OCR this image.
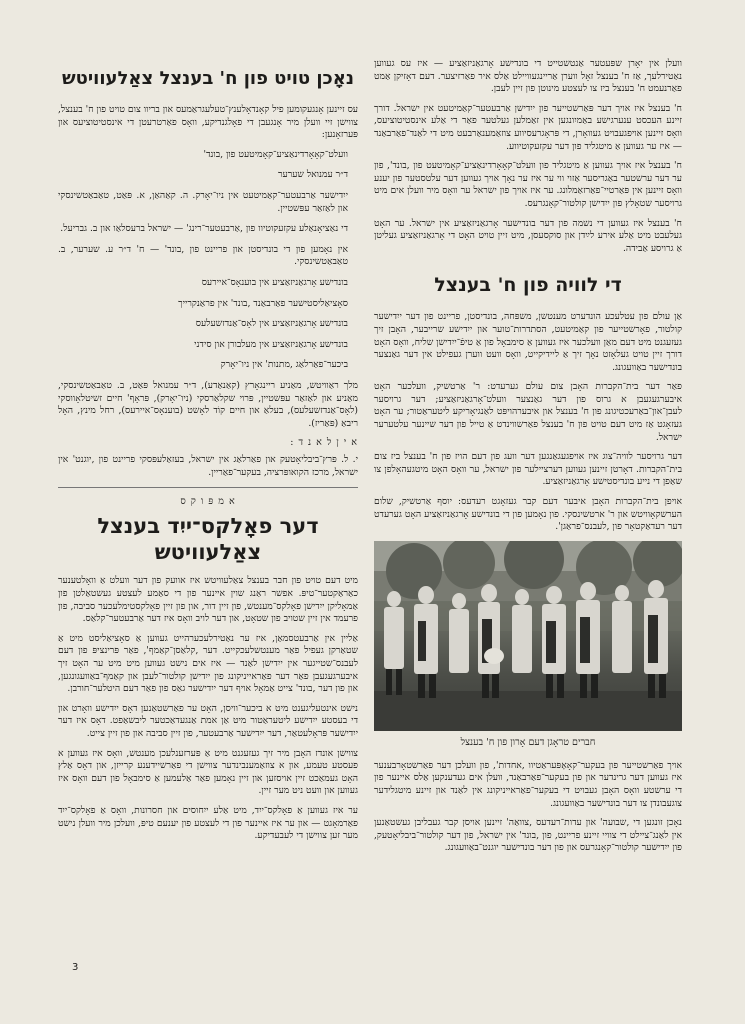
וועלן אין יאָרן שפּעטער אַנטשטייט די בונדישע אָרגאַניזאַציע — איז עס געווען נאַטירלעך, אַז ח' בענצל זאָל ווערן אַריינגעוויילט אַלס איר פאַרזיצער. דעם דאָזיקן אַמט פאַרנעמט ח' בענצל ביז צו לעצטע מינוטן פון זיין לעבן.

ח' בענצל איז אויך דער פּאַרשטייער פון ייִדישן אַרבעטער־קאַמיטעט אין ישראל. דורך זיינע העכסט ענערגישע באַמיִונגען אין זאַמלען געלטער פאַר די אַלע אינסטיטוציעס, וואָס זיינען אויפגעבויט געוואָרן, די פּראָגרעסיווע צוזאַמענאַרבעט מיט די לאַנד־פאַרבאַנד — איז ער געווען אַ מיטגליד פון דער עקזעקוטיווע.

ח' בענצל איז אויך געווען אַ מיטגליד פון וועלט־קאָאָרדינאַציע־קאָמיטעט פון ‚בונד', פון ער דער ערשטער באַגריסער אַזוי ווי ער איז ער נאָך אויך געווען דער עלטסטער פון יענע וואָס זיינען אין פּאַרטיי־פאַרזאַמלונג. ער איז אויך פון ישראל ער וואָס מיר וועלן אים מיט גרויסער שטאָלץ פון ייִדישן קולטור־קאָנגרעס.

ח' בענצל איז געווען די נשמה פון דער בונדישער אָרגאַניזאַציע אין ישראל. ער האָט געלעבט מיט אַלע אירע לײַדן און סוקסעסן, מיט זיין טויט האָט די אָרגאַניזאַציע געליטן אַ גרויסע אַבידה.

די לוויה פון ח' בענצל

אַן עולם פון עטלעכע הונדערט מענטשן, משפּחה, בונדיסטן, פריינט פון דער ייִדישער קולטור, פאָרשטייער פון קאַמיטעט, הסתדרות־טוער און ייִדישע שרייבער, האָבן זיך געזעגנט מיט דעם מאַן וועלכער איז געווען אַ סימבאָל פון אַ טיפֿ־ייִדישן שליח, וואָס האָט דורך זיין טויט געלאָזט נאָך זיך אַ ליידיקייט, וואָס וועט ווערן געפילט אין דער גאַנצער בונדישער באַוועגונג.

פאַר דער בית־הקברות האָבן צום עולם גערעדט: ר' אַרטשיק, וועלכער האָט איבערגעגעבן א גרוס פון דער גאַנצער וועלט־אָרגאַניזאַציע; דער גרויסער לעבן־און־באַרעכטיגונג פון ח' בענצל און איבערהויפּט לאַנגיאָריקע ליטעראַטור; ער האָט געזאָגט אַז מיט דעם טויט פון ח' בענצל פאַרשווינדט אַ טייל פון דער שיינער עלטערער ישראל.

דער גרויסער לוויה־צוג איז אויפגעגאַנגען דער וועג פון דעם הויז פון ח' בענצל ביז צום בית־הקברות. דאָרטן זיינען געווען דערציילער פון ישראל, ער וואָס האָט מיטגעהאָלפן צו שאַפן די נייע בונדיסטישע אָרגאַניזאַציע.

אויפן בית־הקברות האָבן איבער דעם קבר געזאָגט רעדעס: יוסף אַרטשיק, שלום הערשקאָוויטש און ר' ארטשינסקי. פון נאָמען פון די בונדישע אָרגאַניזאַציע האָט גערעדט דער רעדאַקטאָר פון ‚לעבנס־פראַגן'.

חברים טראָגן דעם אָרון פון ח' בענצל

אויך פאַרשטייער פון בעקער־קאָאָפּעראַטיוו ‚אחדות', פון וועלכן דער פאַרשטאָרבענער איז געווען דער גרינדער און פון בעקער־פאַרבאַנד, וועלן אים געדענקען אַלס איינער פון די ערשטע וואָס האָבן געבויט די בעקער־פאַראייניקונג אין לאַנד און זיינע מיטגלידער צוגעבונדן צו דער בונדישער באַוועגונג.

נאָכן זונגען די ‚שבועה' און עדות־רעדעס ‚צוואַה' זיינען אויסן קבר געבליבן געשטאַנען אין לאַנג־ציילט די צוויי זיינע פריינט, פון ‚בונד' אין ישראל, פון דער קולטור־ביבליאָטעק, פון ייִדישער קולטור־קאָנגרעס און פון דער בונדישער יוגנט־באַוועגונג.

נאָכן טויט פון ח' בענצל צאַלעוויטש

עס זיינען אָנגעקומען פיל קאָנדאָלענץ־טעלעגראַמעס און בריוו צום טויט פון ח' בענצל, צווישן זיי וועלן מיר אָנגעבן די פאָלגנדיקע, וואָס פאַרטרעטן די אינסטיטוציעס און פּערזאָנען:

וועלט־קאָאָרדינאַציע־קאָמיטעט פון ‚בונד'
ד״ר עמנואל שערער
ייִדישער אַרבעטער־קאַמיטעט אין ניו־יאָרק. ה. קאַהאַן, א. פּאַט, טאַבאַטשינסקי און לאַזאַר עפּשטיין.
די נאַציאָנאַלע עקזעקוטיוו פון ‚אַרבעטער־רינג' — ישראל ברעסלאַו און ב. גבריעל.
אין נאָמען פון די בונדיסטן און פריינט פון ‚בונד' — ח' ד״ר ע. שערער, ב. טאַבאַטשינסקי.
בונדישע אָרגאַניזאַציע אין בוענאָס־איירעס
סאָציאַליסטישער פאַרבאַנד ‚בונד' אין פראַנקרייך
בונדישע אָרגאַניזאַציע אין לאָס־אַנדזשעלעס
בונדישע אָרגאַניזאַציע אין מעלבורן און סידני
ביכער־פאַרלאַג ‚מתנות' אין ניו־יאָרק

מלך ראַוויטש, מאַניע ריינגאָרץ (קאַנאַדע), ד״ר עמנואל פּאַט, ב. טאַבאַטשינסקי, מאַניע און לאַזאַר עפּשטיין, פּרוי שקלאַרסקי (ניו־יאָרק), פּראָף' חיים זשיטלאָווסקי (לאָס־אַנדזשעלעס), בעלאַ און חיים קוֹד לאָשט (בוענאָס־איירעס), רחל מינץ, האָל ריבאַ (פּאַריז).

א י ן ל א נ ד :

י. ל. פּרץ־ביבליאָטעק און פאַרלאַג אין ישראל, בעזאַלעפּסקי פריינט פון ‚יוגנט' אין ישראל, מרכז הקואופּרציה, בעקער־פאַריין.

א מ פּ ו ק ס
דער פאָלקס־ייִד בענצל צאַלעוויטש

מיט דעם טויט פון חבר בענצל צאַלעוויטש איז אוועק פון דער וועלט אַ וואָלטענער כאַראַקטער־טיפּ. אפשר ראַנג שוין איינער פון די סאַמע לעצטע געשטאַלטן פון אַמאָליקן ייִדישן פאָלקס־מענטש, פון זיין דור, און פון זיין פאָלקסטימלעכער סביבה, פון פרעמד אין זיין שטויב פון שטאָט, און דער לויב וואָס איז דער אַרבעטער־קלאַס.

אַליין אין אַרבעטסמאַן, איז ער נאַטירלעכערהייט געווען אַ סאָציאַליסט מיט אַ שטאַרקן געפיל פאַר מענטשלעכקייט. דער ‚קלאַסן־קאַמף', פאַר פּרינציפּ פון דעם לעבנס־שטייגער אין ייִדישן לאַנד — איז אים נישט געווען מיט מיט ער האָט זיך איבערגעגעבן פאַר דער פאַראייניקונג פון ייִדישן קולטור־לעבן און קאַמף־באַוועגונגען, און פון דער ‚בונד' צייט אַמאָל אויף דער ייִדישער גאַס פון פאַר דעם היטלער־חורבן.

נישט אינטעליגענט מיט א ביכער־וויסן, האָט ער פאַרשטאַנען דאָס ייִדישע וואָרט און די בעסטע ייִדישע ליטעראַטור מיט אַן אמת אַנגעדאַכטער ליבשאַפט. דאָס איז דער ייִדישער פּראָלעטאַר, דער ייִדישער אַרבעטער, פון זיין סביבה און פון זיין צייט.

צווישן אונדז האָבן מיר זיך געזעגנט מיט אַ פּערזענלעכן מענטש, וואָס איז געווען א פעסטע טעמע, און א צוזאַמענבינדער צווישן די פאַרשיידענע קרייזן, און דאָס אַלץ האָט געמאַכט זיין אויסזען און זיין נאָמען פאַר אַלעמען אַ סימבאָל פון דעם וואָס איז געווען און וועט ניט מער זיין.

ער איז געווען אַ פאָלקס־ייִד, מיט אַלע ייִחוסים און חסרונות, וואָס אַ פאָלקס־ייִד פאַרמאָגט — און ער איז איינער פון די לעצטע פון יענעם טיפּ, וועלכן מיר וועלן נישט מער זען צווישן די לעבעדיקע.

3
